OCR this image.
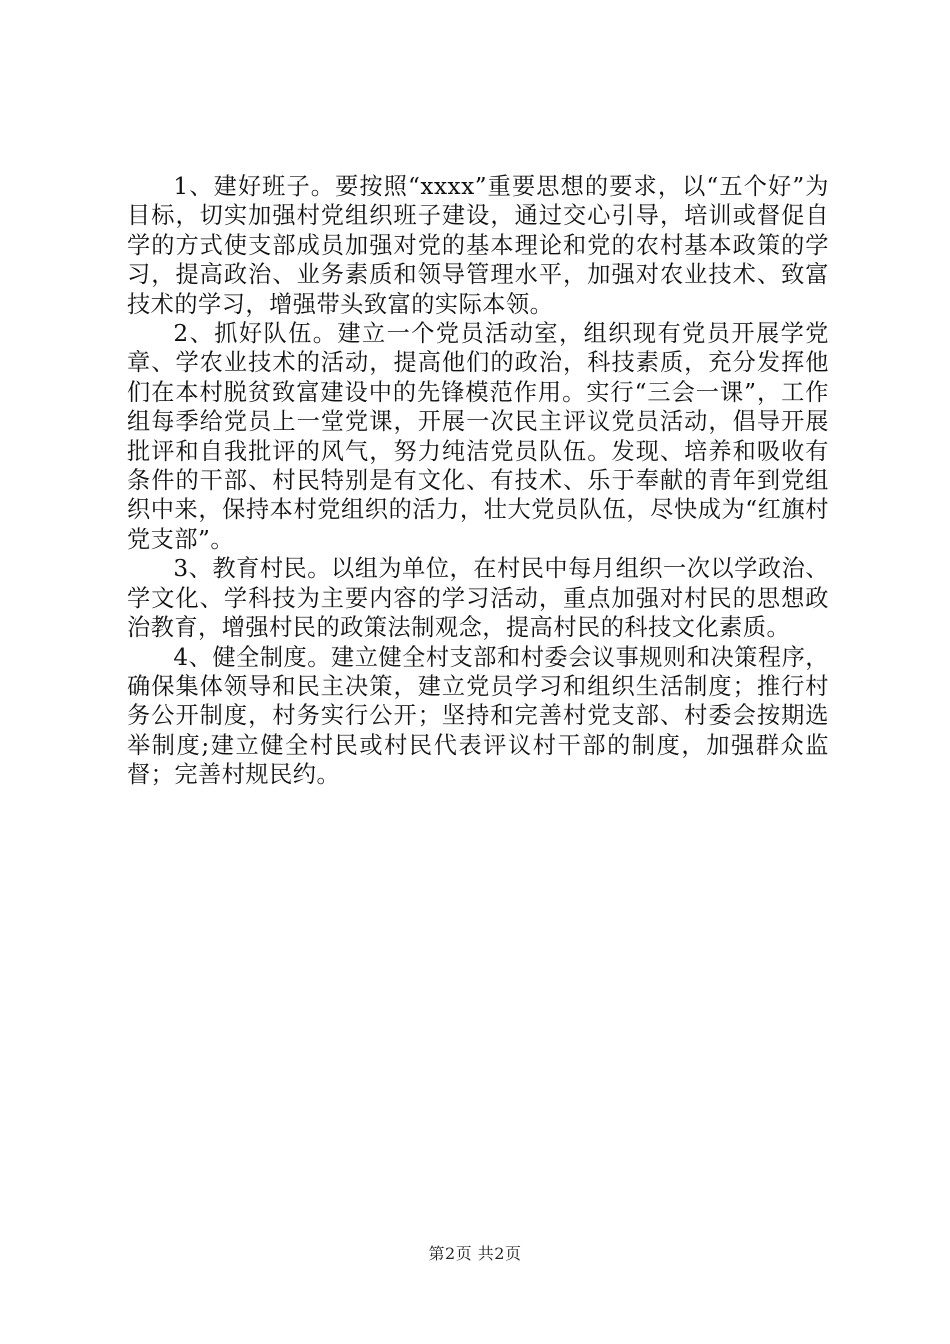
1、建好班子。要按照“xxxx”重要思想的要求，以“五个好”为目标，切实加强村党组织班子建设，通过交心引导，培训或督促自学的方式使支部成员加强对党的基本理论和党的农村基本政策的学习，提高政治、业务素质和领导管理水平，加强对农业技术、致富技术的学习，增强带头致富的实际本领。

2、抓好队伍。建立一个党员活动室，组织现有党员开展学党章、学农业技术的活动，提高他们的政治，科技素质，充分发挥他们在本村脱贫致富建设中的先锋模范作用。实行“三会一课”，工作组每季给党员上一堂党课，开展一次民主评议党员活动，倡导开展批评和自我批评的风气，努力纯洁党员队伍。发现、培养和吸收有条件的干部、村民特别是有文化、有技术、乐于奉献的青年到党组织中来，保持本村党组织的活力，壮大党员队伍，尽快成为“红旗村党支部”。

3、教育村民。以组为单位，在村民中每月组织一次以学政治、学文化、学科技为主要内容的学习活动，重点加强对村民的思想政治教育，增强村民的政策法制观念，提高村民的科技文化素质。

4、健全制度。建立健全村支部和村委会议事规则和决策程序，确保集体领导和民主决策，建立党员学习和组织生活制度；推行村务公开制度，村务实行公开；坚持和完善村党支部、村委会按期选举制度;建立健全村民或村民代表评议村干部的制度，加强群众监督；完善村规民约。

第2页 共2页
